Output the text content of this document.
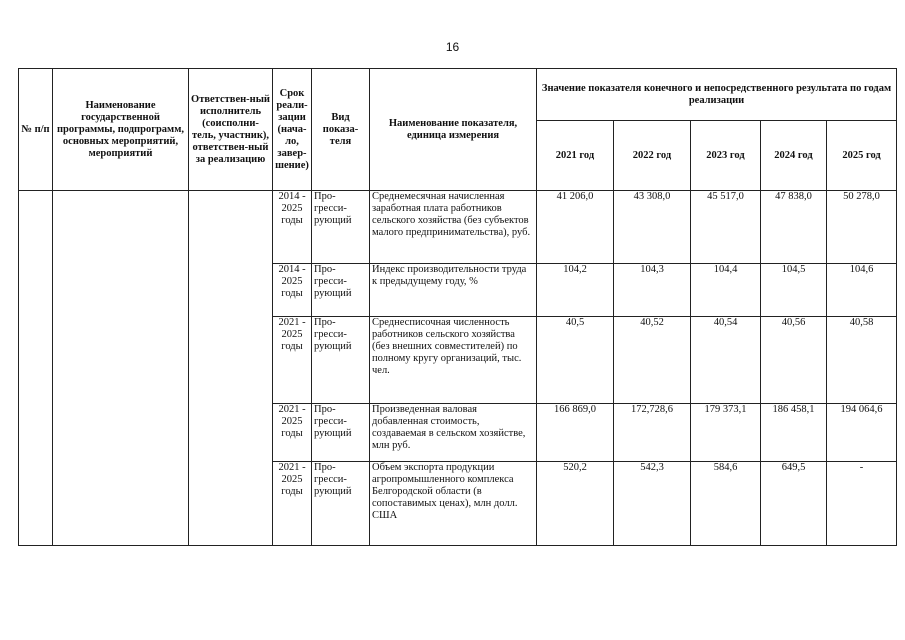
16
№ п/п	Наименование государственной программы, подпрограмм, основных мероприятий, мероприятий	Ответствен-ный исполнитель (соисполни-тель, участник), ответствен-ный за реализацию	Срок реали-зации (нача-ло, завер-шение)	Вид показа-теля	Наименование показателя, единица измерения	Значение показателя конечного и непосредственного результата по годам реализации				
						2021 год	2022 год	2023 год	2024 год	2025 год
			2014 - 2025 годы	Про-гресси-рующий	Среднемесячная начисленная заработная плата работников сельского хозяйства (без субъектов малого предпринимательства), руб.	41 206,0	43 308,0	45 517,0	47 838,0	50 278,0
			2014 - 2025 годы	Про-гресси-рующий	Индекс производительности труда к предыдущему году, %	104,2	104,3	104,4	104,5	104,6
			2021 - 2025 годы	Про-гресси-рующий	Среднесписочная численность работников сельского хозяйства (без внешних совместителей) по полному кругу организаций, тыс. чел.	40,5	40,52	40,54	40,56	40,58
			2021 - 2025 годы	Про-гресси-рующий	Произведенная валовая добавленная стоимость, создаваемая в сельском хозяйстве, млн руб.	166 869,0	172,728,6	179 373,1	186 458,1	194 064,6
			2021 - 2025 годы	Про-гресси-рующий	Объем экспорта продукции агропромышленного комплекса Белгородской области (в сопоставимых ценах), млн долл. США	520,2	542,3	584,6	649,5	-
